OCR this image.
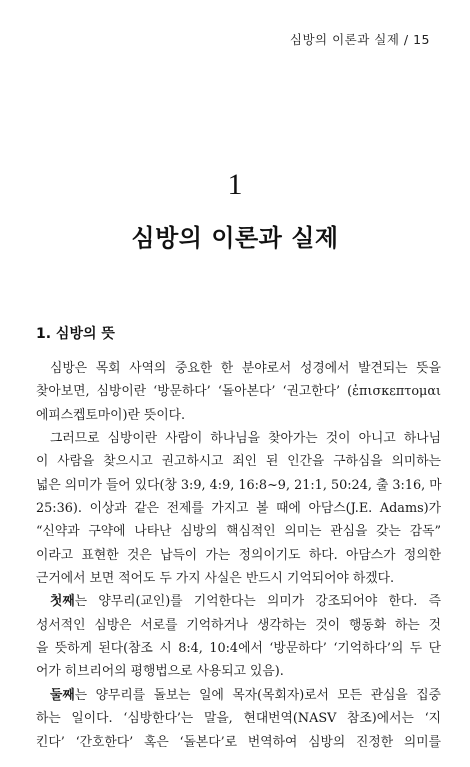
심방의 이론과 실제 / 15
1
심방의 이론과 실제
1. 심방의 뜻
심방은 목회 사역의 중요한 한 분야로서 성경에서 발견되는 뜻을
찾아보면, 심방이란 ‘방문하다’ ‘돌아본다’ ‘권고한다’ (ἐπισκεπτομαι
에피스켑토마이)란 뜻이다.
그러므로 심방이란 사람이 하나님을 찾아가는 것이 아니고 하나님
이 사람을 찾으시고 권고하시고 죄인 된 인간을 구하심을 의미하는
넓은 의미가 들어 있다(창 3:9, 4:9, 16:8~9, 21:1, 50:24, 출 3:16, 마
25:36). 이상과 같은 전제를 가지고 볼 때에 아담스(J.E. Adams)가
“신약과 구약에 나타난 심방의 핵심적인 의미는 관심을 갖는 감독”
이라고 표현한 것은 납득이 가는 정의이기도 하다. 아담스가 정의한
근거에서 보면 적어도 두 가지 사실은 반드시 기억되어야 하겠다.
첫째는 양무리(교인)를 기억한다는 의미가 강조되어야 한다. 즉
성서적인 심방은 서로를 기억하거나 생각하는 것이 행동화 하는 것
을 뜻하게 된다(참조 시 8:4, 10:4에서 ‘방문하다’ ‘기억하다’의 두 단
어가 히브리어의 평행법으로 사용되고 있음).
둘째는 양무리를 돌보는 일에 목자(목회자)로서 모든 관심을 집중
하는 일이다. ‘심방한다’는 말을, 현대번역(NASV 참조)에서는 ‘지
킨다’ ‘간호한다’ 혹은 ‘돌본다’로 번역하여 심방의 진정한 의미를
